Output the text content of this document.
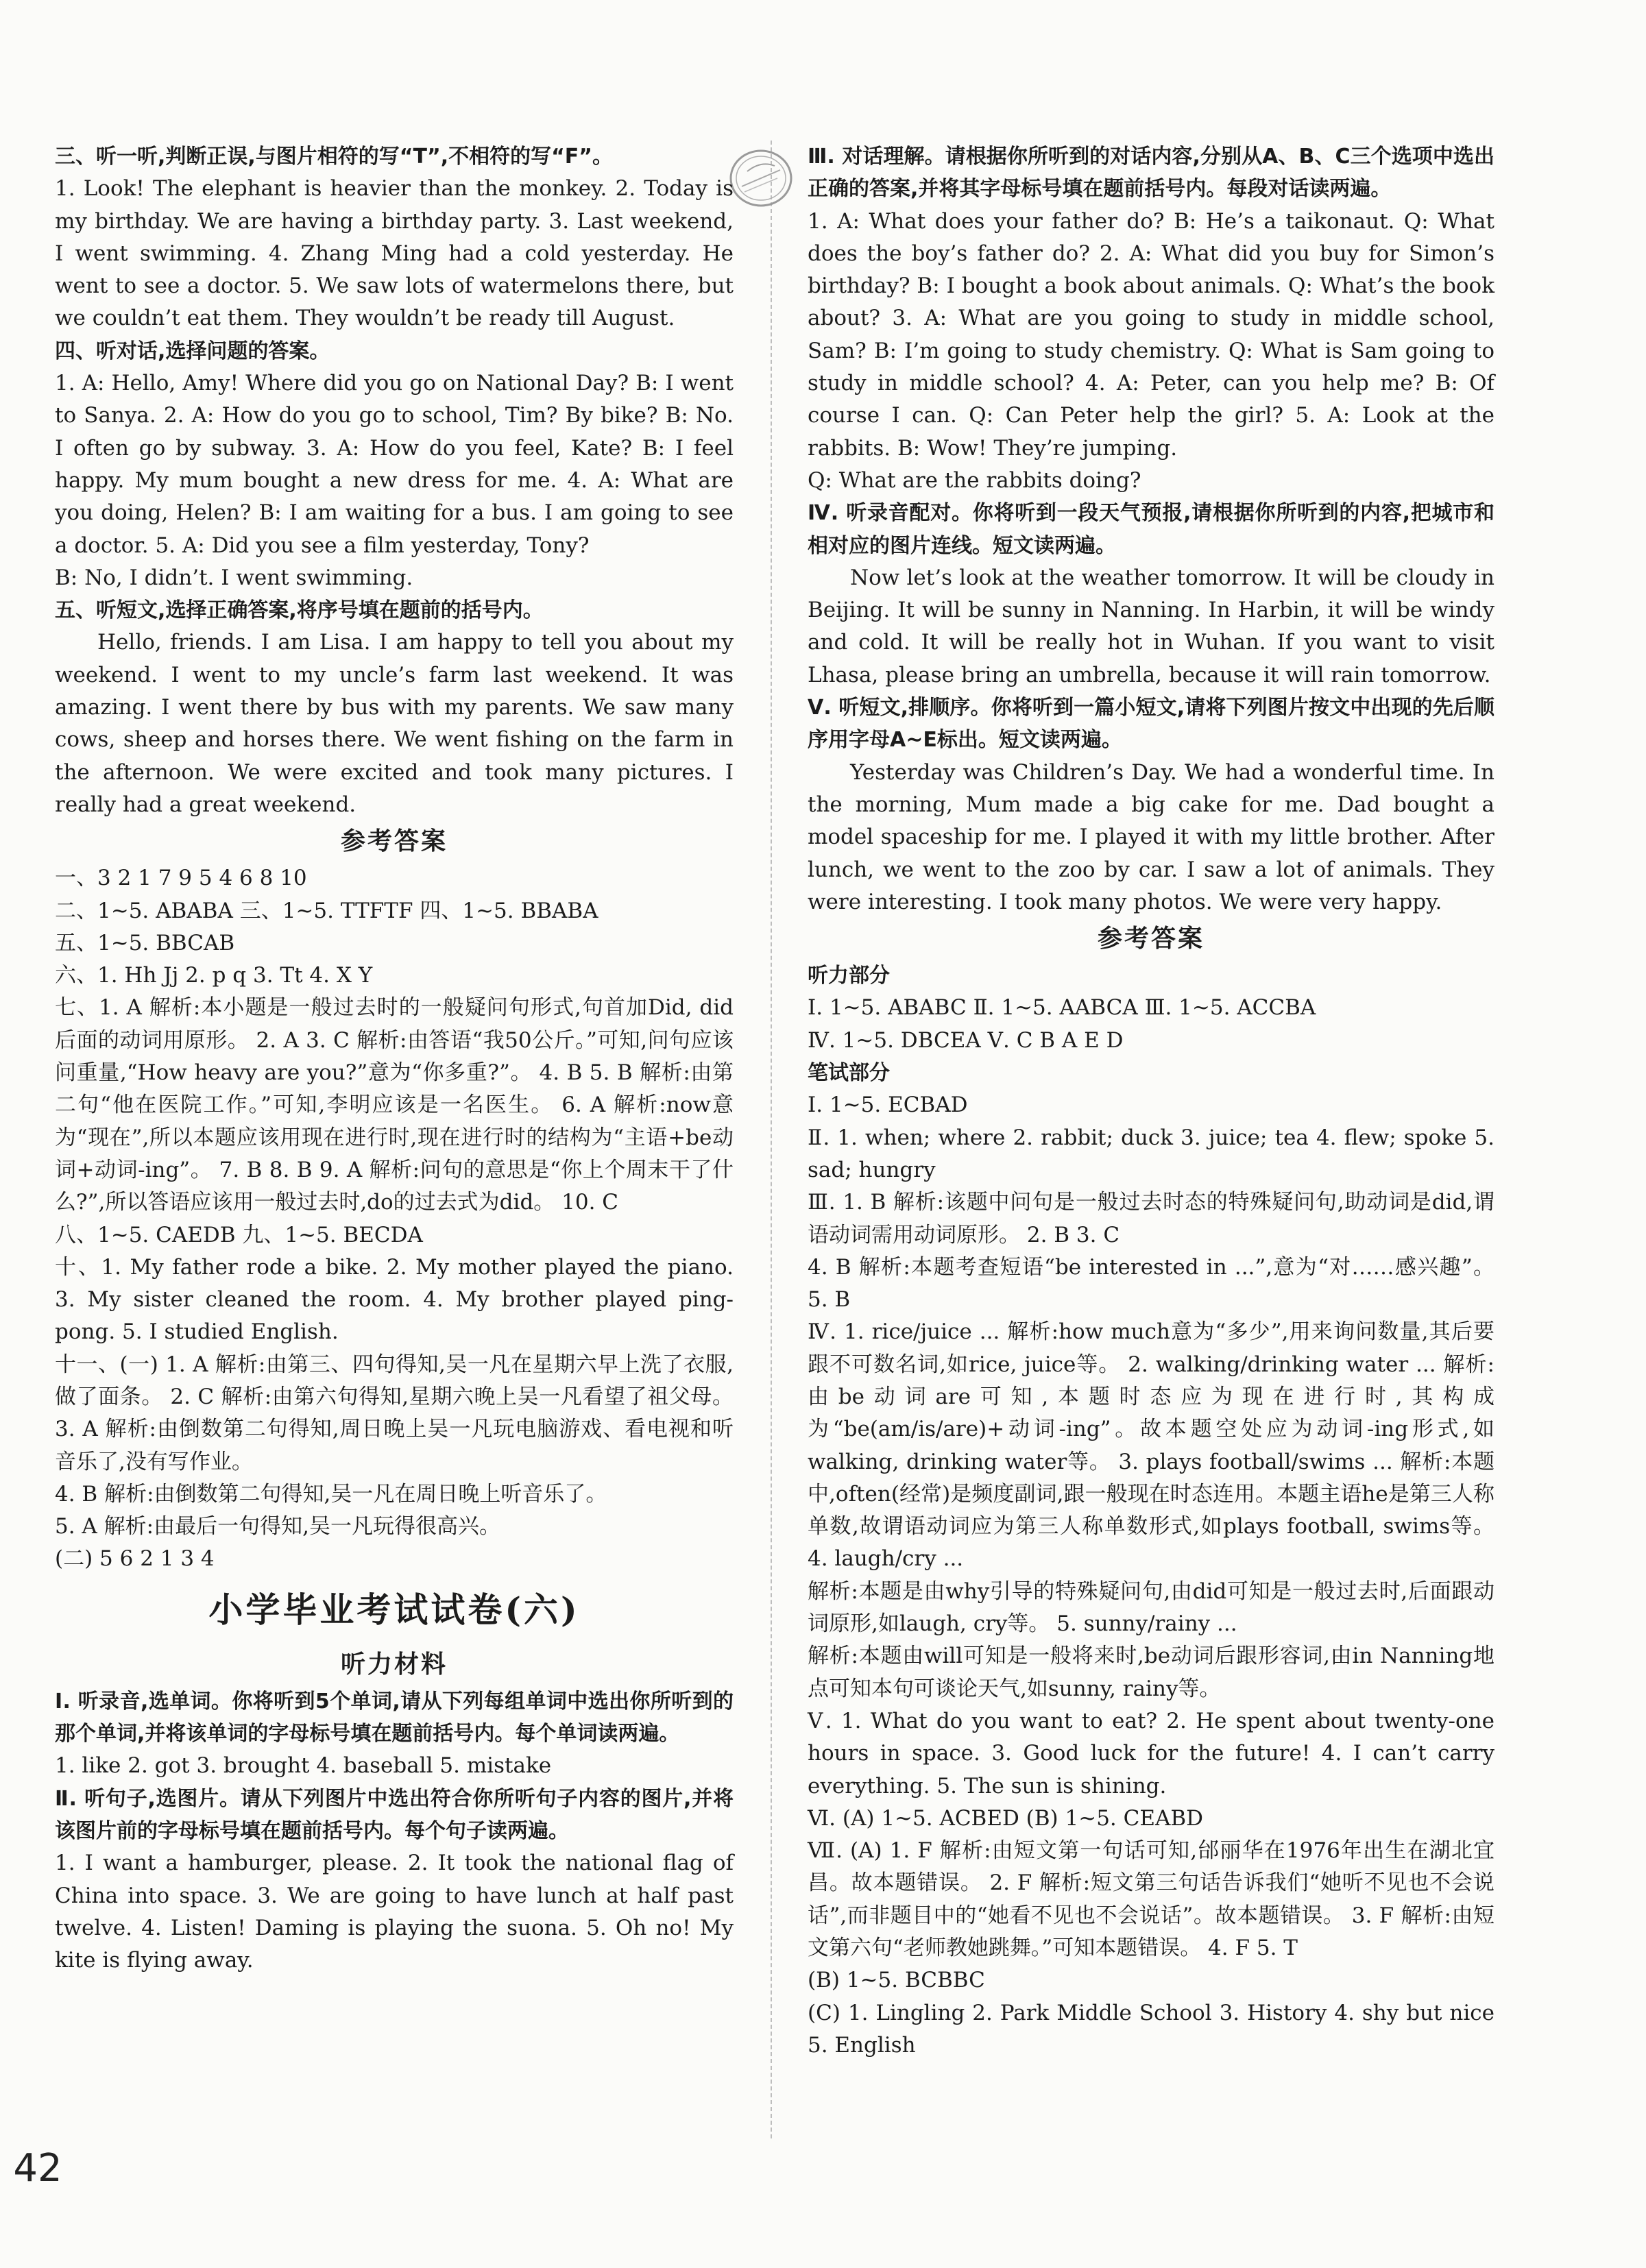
三、听一听,判断正误,与图片相符的写“T”,不相符的写“F”。

1. Look! The elephant is heavier than the monkey. 2. Today is my birthday. We are having a birthday party. 3. Last weekend, I went swimming. 4. Zhang Ming had a cold yesterday. He went to see a doctor. 5. We saw lots of watermelons there, but we couldn’t eat them. They wouldn’t be ready till August.

四、听对话,选择问题的答案。

1. A: Hello, Amy! Where did you go on National Day? B: I went to Sanya. 2. A: How do you go to school, Tim? By bike? B: No. I often go by subway. 3. A: How do you feel, Kate? B: I feel happy. My mum bought a new dress for me. 4. A: What are you doing, Helen? B: I am waiting for a bus. I am going to see a doctor. 5. A: Did you see a film yesterday, Tony?

B: No, I didn’t. I went swimming.

五、听短文,选择正确答案,将序号填在题前的括号内。

Hello, friends. I am Lisa. I am happy to tell you about my weekend. I went to my uncle’s farm last weekend. It was amazing. I went there by bus with my parents. We saw many cows, sheep and horses there. We went fishing on the farm in the afternoon. We were excited and took many pictures. I really had a great weekend.

参考答案

一、3 2 1 7 9 5 4 6 8 10

二、1~5. ABABA 三、1~5. TTFTF 四、1~5. BBABA

五、1~5. BBCAB

六、1. Hh Jj 2. p q 3. Tt 4. X Y

七、1. A 解析:本小题是一般过去时的一般疑问句形式,句首加Did, did后面的动词用原形。 2. A 3. C 解析:由答语“我50公斤。”可知,问句应该问重量,“How heavy are you?”意为“你多重?”。 4. B 5. B 解析:由第二句“他在医院工作。”可知,李明应该是一名医生。 6. A 解析:now意为“现在”,所以本题应该用现在进行时,现在进行时的结构为“主语+be动词+动词-ing”。 7. B 8. B 9. A 解析:问句的意思是“你上个周末干了什么?”,所以答语应该用一般过去时,do的过去式为did。 10. C

八、1~5. CAEDB 九、1~5. BECDA

十、1. My father rode a bike. 2. My mother played the piano. 3. My sister cleaned the room. 4. My brother played ping-pong. 5. I studied English.

十一、(一) 1. A 解析:由第三、四句得知,吴一凡在星期六早上洗了衣服,做了面条。 2. C 解析:由第六句得知,星期六晚上吴一凡看望了祖父母。 3. A 解析:由倒数第二句得知,周日晚上吴一凡玩电脑游戏、看电视和听音乐了,没有写作业。

4. B 解析:由倒数第二句得知,吴一凡在周日晚上听音乐了。

5. A 解析:由最后一句得知,吴一凡玩得很高兴。

(二) 5 6 2 1 3 4

小学毕业考试试卷(六)
听力材料

Ⅰ. 听录音,选单词。你将听到5个单词,请从下列每组单词中选出你所听到的那个单词,并将该单词的字母标号填在题前括号内。每个单词读两遍。

1. like 2. got 3. brought 4. baseball 5. mistake

Ⅱ. 听句子,选图片。请从下列图片中选出符合你所听句子内容的图片,并将该图片前的字母标号填在题前括号内。每个句子读两遍。

1. I want a hamburger, please. 2. It took the national flag of China into space. 3. We are going to have lunch at half past twelve. 4. Listen! Daming is playing the suona. 5. Oh no! My kite is flying away.

Ⅲ. 对话理解。请根据你所听到的对话内容,分别从A、B、C三个选项中选出正确的答案,并将其字母标号填在题前括号内。每段对话读两遍。

1. A: What does your father do? B: He’s a taikonaut. Q: What does the boy’s father do? 2. A: What did you buy for Simon’s birthday? B: I bought a book about animals. Q: What’s the book about? 3. A: What are you going to study in middle school, Sam? B: I’m going to study chemistry. Q: What is Sam going to study in middle school? 4. A: Peter, can you help me? B: Of course I can. Q: Can Peter help the girl? 5. A: Look at the rabbits. B: Wow! They’re jumping.

Q: What are the rabbits doing?

Ⅳ. 听录音配对。你将听到一段天气预报,请根据你所听到的内容,把城市和相对应的图片连线。短文读两遍。

Now let’s look at the weather tomorrow. It will be cloudy in Beijing. It will be sunny in Nanning. In Harbin, it will be windy and cold. It will be really hot in Wuhan. If you want to visit Lhasa, please bring an umbrella, because it will rain tomorrow.

Ⅴ. 听短文,排顺序。你将听到一篇小短文,请将下列图片按文中出现的先后顺序用字母A~E标出。短文读两遍。

Yesterday was Children’s Day. We had a wonderful time. In the morning, Mum made a big cake for me. Dad bought a model spaceship for me. I played it with my little brother. After lunch, we went to the zoo by car. I saw a lot of animals. They were interesting. I took many photos. We were very happy.

参考答案

听力部分

Ⅰ. 1~5. ABABC Ⅱ. 1~5. AABCA Ⅲ. 1~5. ACCBA

Ⅳ. 1~5. DBCEA Ⅴ. C B A E D

笔试部分

Ⅰ. 1~5. ECBAD

Ⅱ. 1. when; where 2. rabbit; duck 3. juice; tea 4. flew; spoke 5. sad; hungry

Ⅲ. 1. B 解析:该题中问句是一般过去时态的特殊疑问句,助动词是did,谓语动词需用动词原形。 2. B 3. C

4. B 解析:本题考查短语“be interested in ...”,意为“对……感兴趣”。 5. B

Ⅳ. 1. rice/juice ... 解析:how much意为“多少”,用来询问数量,其后要跟不可数名词,如rice, juice等。 2. walking/drinking water ... 解析:由be动词are可知,本题时态应为现在进行时,其构成为“be(am/is/are)+动词-ing”。故本题空处应为动词-ing形式,如walking, drinking water等。 3. plays football/swims ... 解析:本题中,often(经常)是频度副词,跟一般现在时态连用。本题主语he是第三人称单数,故谓语动词应为第三人称单数形式,如plays football, swims等。 4. laugh/cry ...

解析:本题是由why引导的特殊疑问句,由did可知是一般过去时,后面跟动词原形,如laugh, cry等。 5. sunny/rainy ...

解析:本题由will可知是一般将来时,be动词后跟形容词,由in Nanning地点可知本句可谈论天气,如sunny, rainy等。

Ⅴ. 1. What do you want to eat? 2. He spent about twenty-one hours in space. 3. Good luck for the future! 4. I can’t carry everything. 5. The sun is shining.

Ⅵ. (A) 1~5. ACBED (B) 1~5. CEABD

Ⅶ. (A) 1. F 解析:由短文第一句话可知,邰丽华在1976年出生在湖北宜昌。故本题错误。 2. F 解析:短文第三句话告诉我们“她听不见也不会说话”,而非题目中的“她看不见也不会说话”。故本题错误。 3. F 解析:由短文第六句“老师教她跳舞。”可知本题错误。 4. F 5. T

(B) 1~5. BCBBC

(C) 1. Lingling 2. Park Middle School 3. History 4. shy but nice 5. English

42
